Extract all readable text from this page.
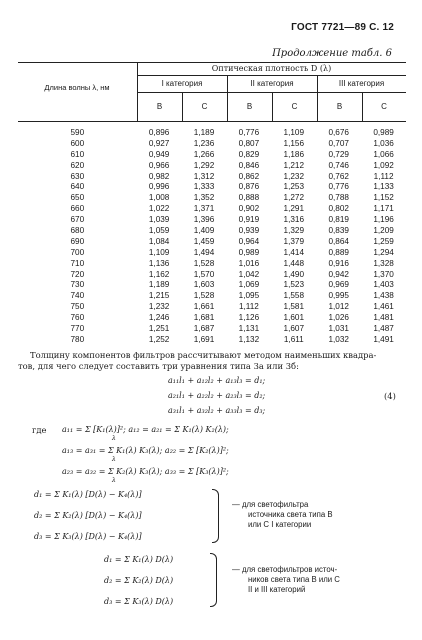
ГОСТ 7721—89 С. 12
Продолжение табл. 6
Длина волны λ, нм
Оптическая плотность D (λ)
I категория	II категория	III категория
B	C	B	C	B	C
590	0,896	1,189	0,776	1,109	0,676	0,989
600	0,927	1,236	0,807	1,156	0,707	1,036
610	0,949	1,266	0,829	1,186	0,729	1,066
620	0,966	1,292	0,846	1,212	0,746	1,092
630	0,982	1,312	0,862	1,232	0,762	1,112
640	0,996	1,333	0,876	1,253	0,776	1,133
650	1,008	1,352	0,888	1,272	0,788	1,152
660	1,022	1,371	0,902	1,291	0,802	1,171
670	1,039	1,396	0,919	1,316	0,819	1,196
680	1,059	1,409	0,939	1,329	0,839	1,209
690	1,084	1,459	0,964	1,379	0,864	1,259
700	1,109	1,494	0,989	1,414	0,889	1,294
710	1,136	1,528	1,016	1,448	0,916	1,328
720	1,162	1,570	1,042	1,490	0,942	1,370
730	1,189	1,603	1,069	1,523	0,969	1,403
740	1,215	1,528	1,095	1,558	0,995	1,438
750	1,232	1,661	1,112	1,581	1,012	1,461
760	1,246	1,681	1,126	1,601	1,026	1,481
770	1,251	1,687	1,131	1,607	1,031	1,487
780	1,252	1,691	1,132	1,611	1,032	1,491
Толщину компонентов фильтров рассчитывают методом наименьших квадра-
тов, для чего следует составить три уравнения типа 3а или 3б:
a₁₁l₁ + a₁₂l₂ + a₁₃l₃ = d₁;
a₂₁l₁ + a₂₂l₂ + a₂₃l₃ = d₂;
a₃₁l₁ + a₃₂l₂ + a₃₃l₃ = d₃;
(4)
где a₁₁ = Σ [K₁(λ)]²; a₁₂ = a₂₁ = Σ K₁(λ) K₂(λ);
λ
a₁₃ = a₃₁ = Σ K₁(λ) K₃(λ); a₂₂ = Σ [K₂(λ)]²;
λ
a₂₃ = a₃₂ = Σ K₂(λ) K₃(λ); a₃₃ = Σ [K₃(λ)]²;
λ
d₁ = Σ K₁(λ) [D(λ) − K₄(λ)]
d₂ = Σ K₂(λ) [D(λ) − K₄(λ)]
d₃ = Σ K₃(λ) [D(λ) − K₄(λ)]
— для светофильтра
источника света типа B
или C I категории
d₁ = Σ K₁(λ) D(λ)
d₂ = Σ K₂(λ) D(λ)
d₃ = Σ K₃(λ) D(λ)
— для светофильтров источ-
ников света типа B или C
II и III категорий
